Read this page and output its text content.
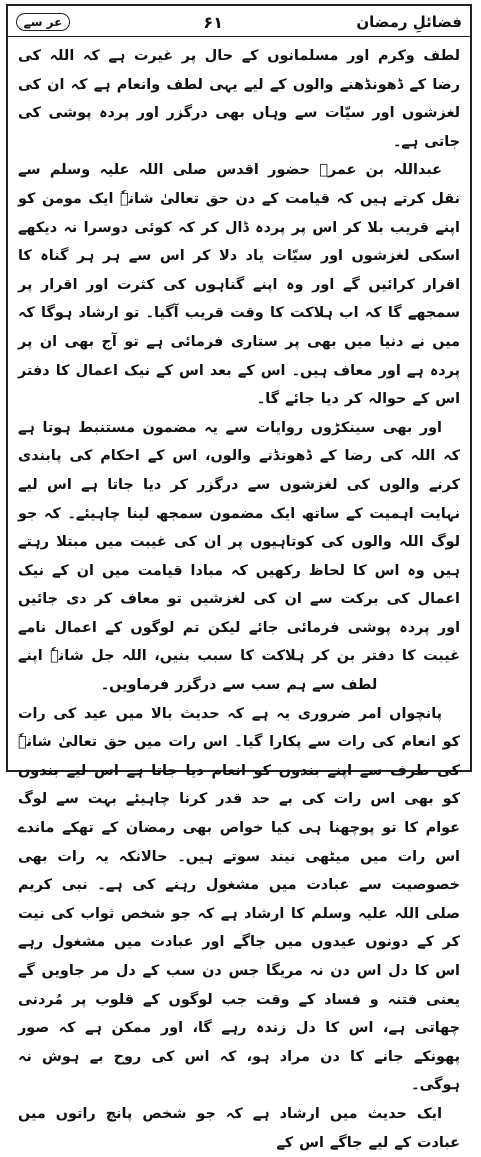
عر سے	۶۱	فضائلِ رمضان

لطف وکرم اور مسلمانوں کے حال پر غیرت ہے کہ اللہ کی رضا کے ڈھونڈھنے والوں کے لیے یہی لطف وانعام ہے کہ ان کی لغزشوں اور سیّات سے وہاں بھی درگزر اور پردہ پوشی کی جاتی ہے۔

عبداللہ بن عمرؓ حضور اقدس صلی اللہ علیہ وسلم سے نقل کرتے ہیں کہ قیامت کے دن حق تعالیٰ شانہٗ ایک مومن کو اپنے قریب بلا کر اس پر پردہ ڈال کر کہ کوئی دوسرا نہ دیکھے اسکی لغزشوں اور سیّات یاد دلا کر اس سے ہر ہر گناہ کا اقرار کرائیں گے اور وہ اپنے گناہوں کی کثرت اور اقرار پر سمجھے گا کہ اب ہلاکت کا وقت قریب آگیا۔ تو ارشاد ہوگا کہ میں نے دنیا میں بھی پر ستاری فرمائی ہے تو آج بھی ان پر پردہ ہے اور معاف ہیں۔ اس کے بعد اس کے نیک اعمال کا دفتر اس کے حوالہ کر دیا جائے گا۔

اور بھی سینکڑوں روایات سے یہ مضمون مستنبط ہوتا ہے کہ اللہ کی رضا کے ڈھونڈنے والوں، اس کے احکام کی پابندی کرنے والوں کی لغزشوں سے درگزر کر دیا جاتا ہے اس لیے نہایت اہمیت کے ساتھ ایک مضمون سمجھ لینا چاہیئے۔ کہ جو لوگ اللہ والوں کی کوتاہیوں پر ان کی غیبت میں مبتلا رہتے ہیں وہ اس کا لحاظ رکھیں کہ مبادا قیامت میں ان کے نیک اعمال کی برکت سے ان کی لغزشیں تو معاف کر دی جائیں اور پردہ پوشی فرمائی جائے لیکن تم لوگوں کے اعمال نامے غیبت کا دفتر بن کر ہلاکت کا سبب بنیں، اللہ جل شانہٗ اپنے لطف سے ہم سب سے درگزر فرماویں۔

پانچواں امر ضروری یہ ہے کہ حدیث بالا میں عید کی رات کو انعام کی رات سے پکارا گیا۔ اس رات میں حق تعالیٰ شانہٗ کی طرف سے اپنے بندوں کو انعام دیا جاتا ہے اس لیے بندوں کو بھی اس رات کی بے حد قدر کرنا چاہیئے بہت سے لوگ عوام کا تو پوچھنا ہی کیا خواص بھی رمضان کے تھکے ماندے اس رات میں میٹھی نیند سوتے ہیں۔ حالانکہ یہ رات بھی خصوصیت سے عبادت میں مشغول رہنے کی ہے۔ نبی کریم صلی اللہ علیہ وسلم کا ارشاد ہے کہ جو شخص ثواب کی نیت کر کے دونوں عیدوں میں جاگے اور عبادت میں مشغول رہے اس کا دل اس دن نہ مریگا جس دن سب کے دل مر جاویں گے یعنی فتنہ و فساد کے وقت جب لوگوں کے قلوب پر مُردنی چھاتی ہے، اس کا دل زندہ رہے گا، اور ممکن ہے کہ صور پھونکے جانے کا دن مراد ہو، کہ اس کی روح بے ہوش نہ ہوگی۔

ایک حدیث میں ارشاد ہے کہ جو شخص پانچ راتوں میں عبادت کے لیے جاگے اس کے
